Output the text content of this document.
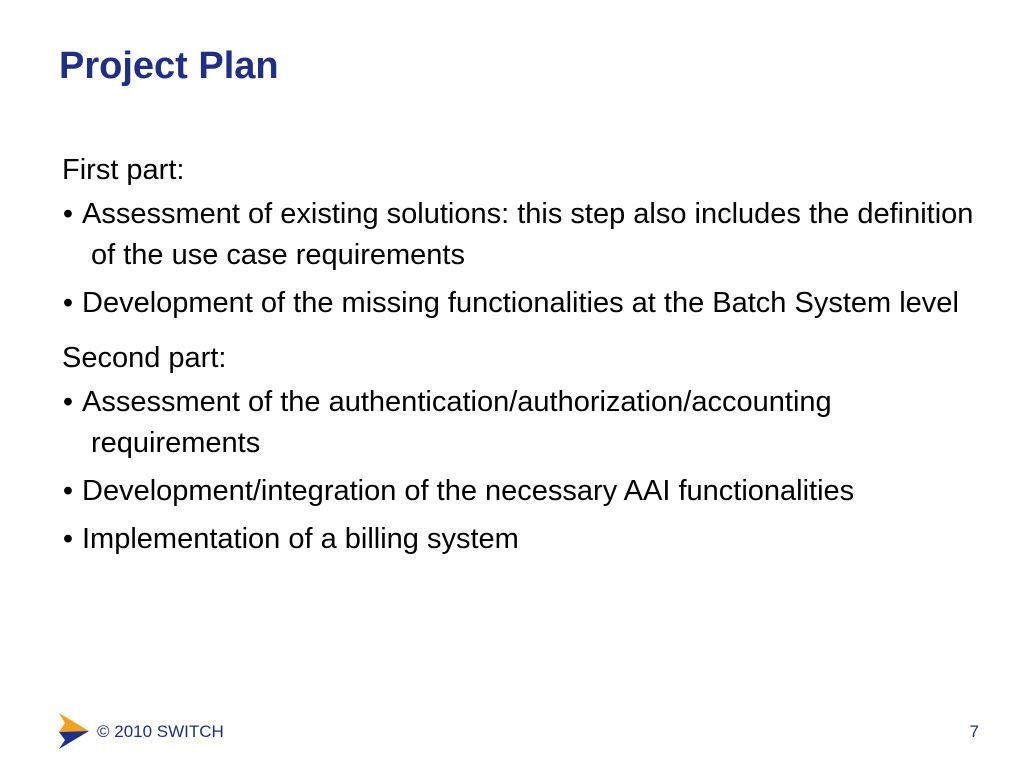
Project Plan
First part:
• Assessment of existing solutions: this step also includes the definition of the use case requirements
• Development of the missing functionalities at the Batch System level
Second part:
• Assessment of the authentication/authorization/accounting requirements
• Development/integration of the necessary AAI functionalities
• Implementation of a billing system
© 2010 SWITCH	7
